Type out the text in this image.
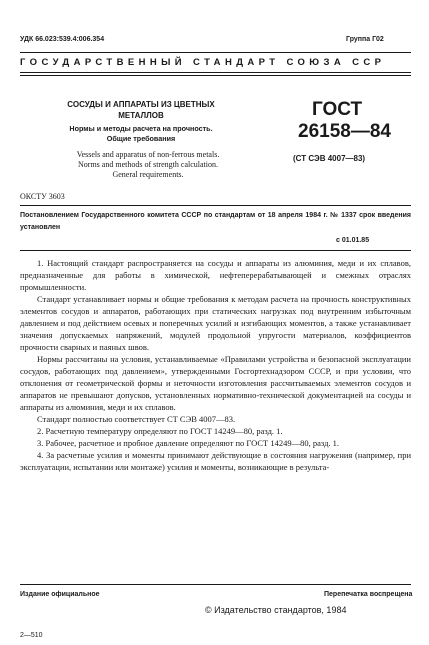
УДК 66.023:539.4:006.354	Группа Г02
ГОСУДАРСТВЕННЫЙ СТАНДАРТ СОЮЗА ССР
СОСУДЫ И АППАРАТЫ ИЗ ЦВЕТНЫХ
МЕТАЛЛОВ
Нормы и методы расчета на прочность.
Общие требования
Vessels and apparatus of non-ferrous metals.
Norms and methods of strength calculation.
General requirements.
ОКСТУ 3603
ГОСТ
26158—84
(СТ СЭВ 4007—83)
Постановлением Государственного комитета СССР по стандартам от 18 апреля 1984 г. № 1337 срок введения установлен
с 01.01.85

1. Настоящий стандарт распространяется на сосуды и аппараты из алюминия, меди и их сплавов, предназначенные для работы в химической, нефтеперерабатывающей и смежных отраслях промышленности.

Стандарт устанавливает нормы и общие требования к методам расчета на прочность конструктивных элементов сосудов и аппаратов, работающих при статических нагрузках под внутренним избыточным давлением и под действием осевых и поперечных усилий и изгибающих моментов, а также устанавливает значения допускаемых напряжений, модулей продольной упругости материалов, коэффициентов прочности сварных и паяных швов.

Нормы рассчитаны на условия, устанавливаемые «Правилами устройства и безопасной эксплуатации сосудов, работающих под давлением», утвержденными Госгортехнадзором СССР, и при условии, что отклонения от геометрической формы и неточности изготовления рассчитываемых элементов сосудов и аппаратов не превышают допусков, установленных нормативно-технической документацией на сосуды и аппараты из алюминия, меди и их сплавов.

Стандарт полностью соответствует СТ СЭВ 4007—83.

2. Расчетную температуру определяют по ГОСТ 14249—80, разд. 1.

3. Рабочее, расчетное и пробное давление определяют по ГОСТ 14249—80, разд. 1.

4. За расчетные усилия и моменты принимают действующие в состояния нагружения (например, при эксплуатации, испытании или монтаже) усилия и моменты, возникающие в результа-

Издание официальное	Перепечатка воспрещена
© Издательство стандартов, 1984
2—510
